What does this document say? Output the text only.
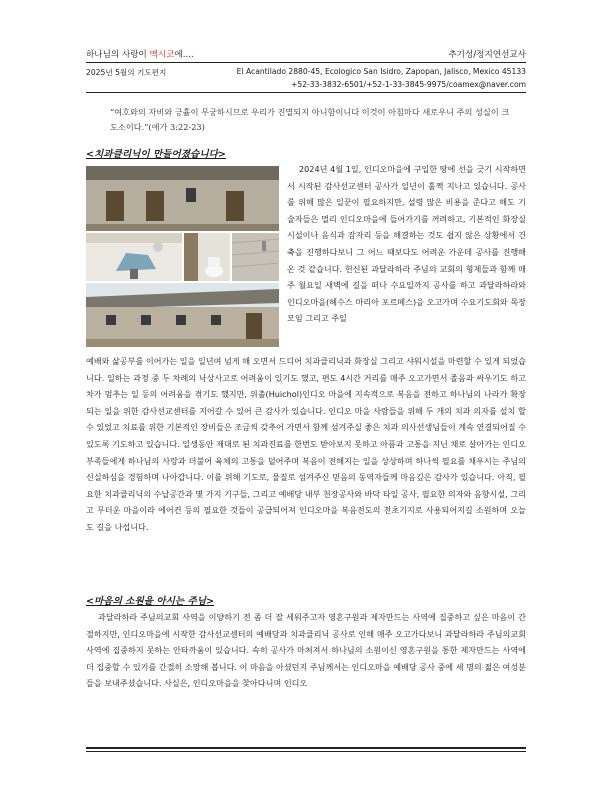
하나님의 사랑이 멕시코에....	추기성/정지연선교사
2025년 5월의 기도편지	El Acantilado 2880-45, Ecologico San Isidro, Zapopan, Jalisco, Mexico 45133
+52-33-3832-6501/+52-1-33-3845-9975/coamex@naver.com
“여호와의 자비와 긍휼이 무궁하시므로 우리가 진멸되지 아니함이니다 이것이 아침마다 새로우니 주의 성실이 크도소이다.”(애가 3:22-23)
<치과클리닉이 만들어졌습니다>
2024년 4월 1일, 인디오마을에 구입한 땅에 선을 긋기 시작하면서 시작된 감사선교센터 공사가 일년이 훌쩍 지나고 있습니다. 공사를 위해 많은 일꾼이 필요하지만, 설령 많은 비용을 준다고 해도 기술자들은 멀리 인디오마을에 들어가기를 꺼려하고, 기본적인 화장실시설이나 음식과 잠자리 등을 해결하는 것도 쉽지 않은 상황에서 건축을 진행하다보니 그 어느 때보다도 어려운 가운데 공사를 진행해 온 것 같습니다. 헌신된 과달라하라 주님의 교회의 형제들과 함께 매주 월요일 새벽에 길을 떠나 수요일까지 공사를 하고 과달라하라와 인디오마을(헤수스 마리아 포르떼스)을 오고가며 수요기도회와 목장모임 그리고 주일
예배와 삶공부를 이어가는 일을 일년여 넘게 해 오면서 드디어 치과클리닉과 화장실 그리고 샤워시설을 마련할 수 있게 되었습니다. 일하는 과정 중 두 차례의 낙상사고로 어려움이 있기도 했고, 편도 4시간 거리를 매주 오고가면서 졸음과 싸우기도 하고 차가 멈추는 일 등의 어려움을 겪기도 했지만, 위촐(Huichol)인디오 마을에 지속적으로 복음을 전하고 하나님의 나라가 확장되는 일을 위한 감사선교센터를 지어갈 수 있어 큰 감사가 있습니다. 인디오 마을 사람들을 위해 두 개의 치과 의자를 설치 할 수 있었고 치료를 위한 기본적인 장비들은 조금씩 갖추어 가면서 함께 섬겨주실 좋은 치과 의사선생님들이 계속 연결되어질 수 있도록 기도하고 있습니다. 일생동안 제대로 된 치과진료를 한번도 받아보지 못하고 아픔과 고통을 지닌 채로 살아가는 인디오 부족들에게 하나님의 사랑과 더불어 육체의 고통을 덜어주며 복음이 전해지는 일을 상상하며 하나씩 필요를 채우시는 주님의 신실하심을 경험하며 나아갑니다. 이를 위해 기도로, 물질로 섬겨주신 믿음의 동역자들께 마음깊은 감사가 있습니다. 아직, 필요한 치과클리닉의 수납공간과 몇 가지 기구들, 그리고 예배당 내부 천장공사와 바닥 타일 공사, 필요한 의자와 음향시설, 그리고 무더운 마을이라 에어컨 등의 필요한 것들이 공급되어져 인디오마을 복음전도의 전초기지로 사용되어지길 소원하며 오늘도 길을 나섭니다.
<마음의 소원을 아시는 주님>
과달라하라 주님의교회 사역을 이양하기 전 좀 더 잘 세워주고자 영혼구원과 제자만드는 사역에 집중하고 싶은 마음이 간절하지만, 인디오마을에 시작한 감사선교센터의 예배당과 치과클리닉 공사로 인해 매주 오고가다보니 과달라하라 주님의교회 사역에 집중하지 못하는 안타까움이 있습니다. 속히 공사가 마쳐져서 하나님의 소원이신 영혼구원을 통한 제자만드는 사역에 더 집중할 수 있기를 간절히 소망해 봅니다. 이 마음을 아셨던지 주님께서는 인디오마을 예배당 공사 중에 세 명의 젊은 여성분들을 보내주셨습니다. 사실은, 인디오마을을 찾아다니며 인디오
